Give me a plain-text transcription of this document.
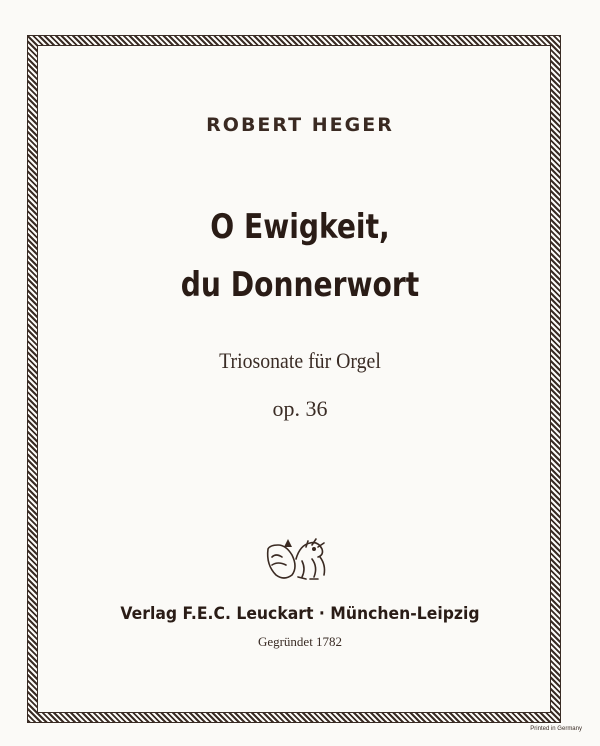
ROBERT HEGER
O Ewigkeit,
du Donnerwort
Triosonate für Orgel
op. 36
Verlag F.E.C. Leuckart · München-Leipzig
Gegründet 1782
Printed in Germany
